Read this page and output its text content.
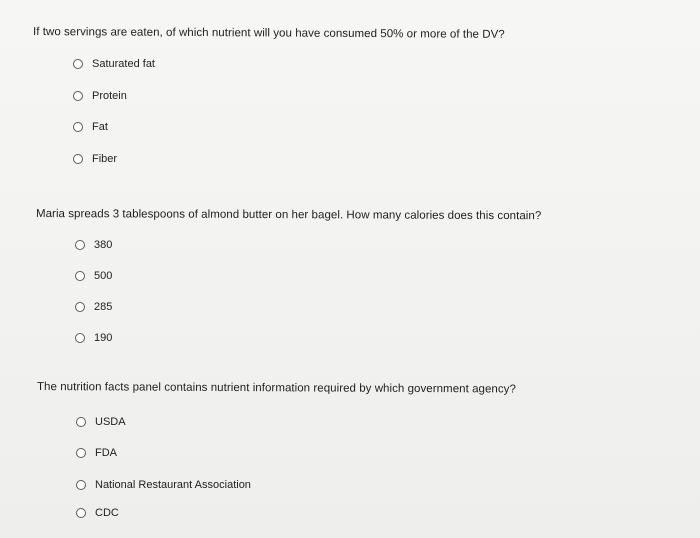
If two servings are eaten, of which nutrient will you have consumed 50% or more of the DV?
Saturated fat
Protein
Fat
Fiber
Maria spreads 3 tablespoons of almond butter on her bagel. How many calories does this contain?
380
500
285
190
The nutrition facts panel contains nutrient information required by which government agency?
USDA
FDA
National Restaurant Association
CDC
